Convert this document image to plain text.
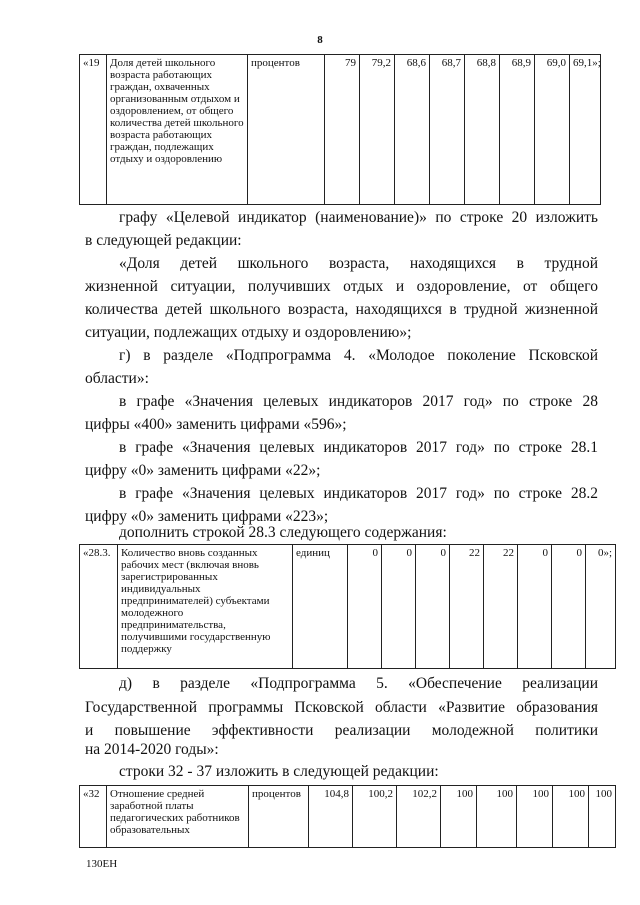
8
«19	Доля детей школьного возраста работающих граждан, охваченных организованным отдыхом и оздоровлением, от общего количества детей школьного возраста работающих граждан, подлежащих отдыху и оздоровлению	процентов	79	79,2	68,6	68,7	68,8	68,9	69,0	69,1»;
графу «Целевой индикатор (наименование)» по строке 20 изложить
в следующей редакции:
«Доля детей школьного возраста, находящихся в трудной
жизненной ситуации, получивших отдых и оздоровление, от общего
количества детей школьного возраста, находящихся в трудной жизненной
ситуации, подлежащих отдыху и оздоровлению»;
г) в разделе «Подпрограмма 4. «Молодое поколение Псковской
области»:
в графе «Значения целевых индикаторов 2017 год» по строке 28
цифры «400» заменить цифрами «596»;
в графе «Значения целевых индикаторов 2017 год» по строке 28.1
цифру «0» заменить цифрами «22»;
в графе «Значения целевых индикаторов 2017 год» по строке 28.2
цифру «0» заменить цифрами «223»;
дополнить строкой 28.3 следующего содержания:
«28.3.	Количество вновь созданных рабочих мест (включая вновь зарегистрированных индивидуальных предпринимателей) субъектами молодежного предпринимательства, получившими государственную поддержку	единиц	0	0	0	22	22	0	0	0»;
д) в разделе «Подпрограмма 5. «Обеспечение реализации
Государственной программы Псковской области «Развитие образования
и повышение эффективности реализации молодежной политики
на 2014-2020 годы»:
строки 32 - 37 изложить в следующей редакции:
«32	Отношение средней заработной платы педагогических работников образовательных	процентов	104,8	100,2	102,2	100	100	100	100	100
130ЕН
